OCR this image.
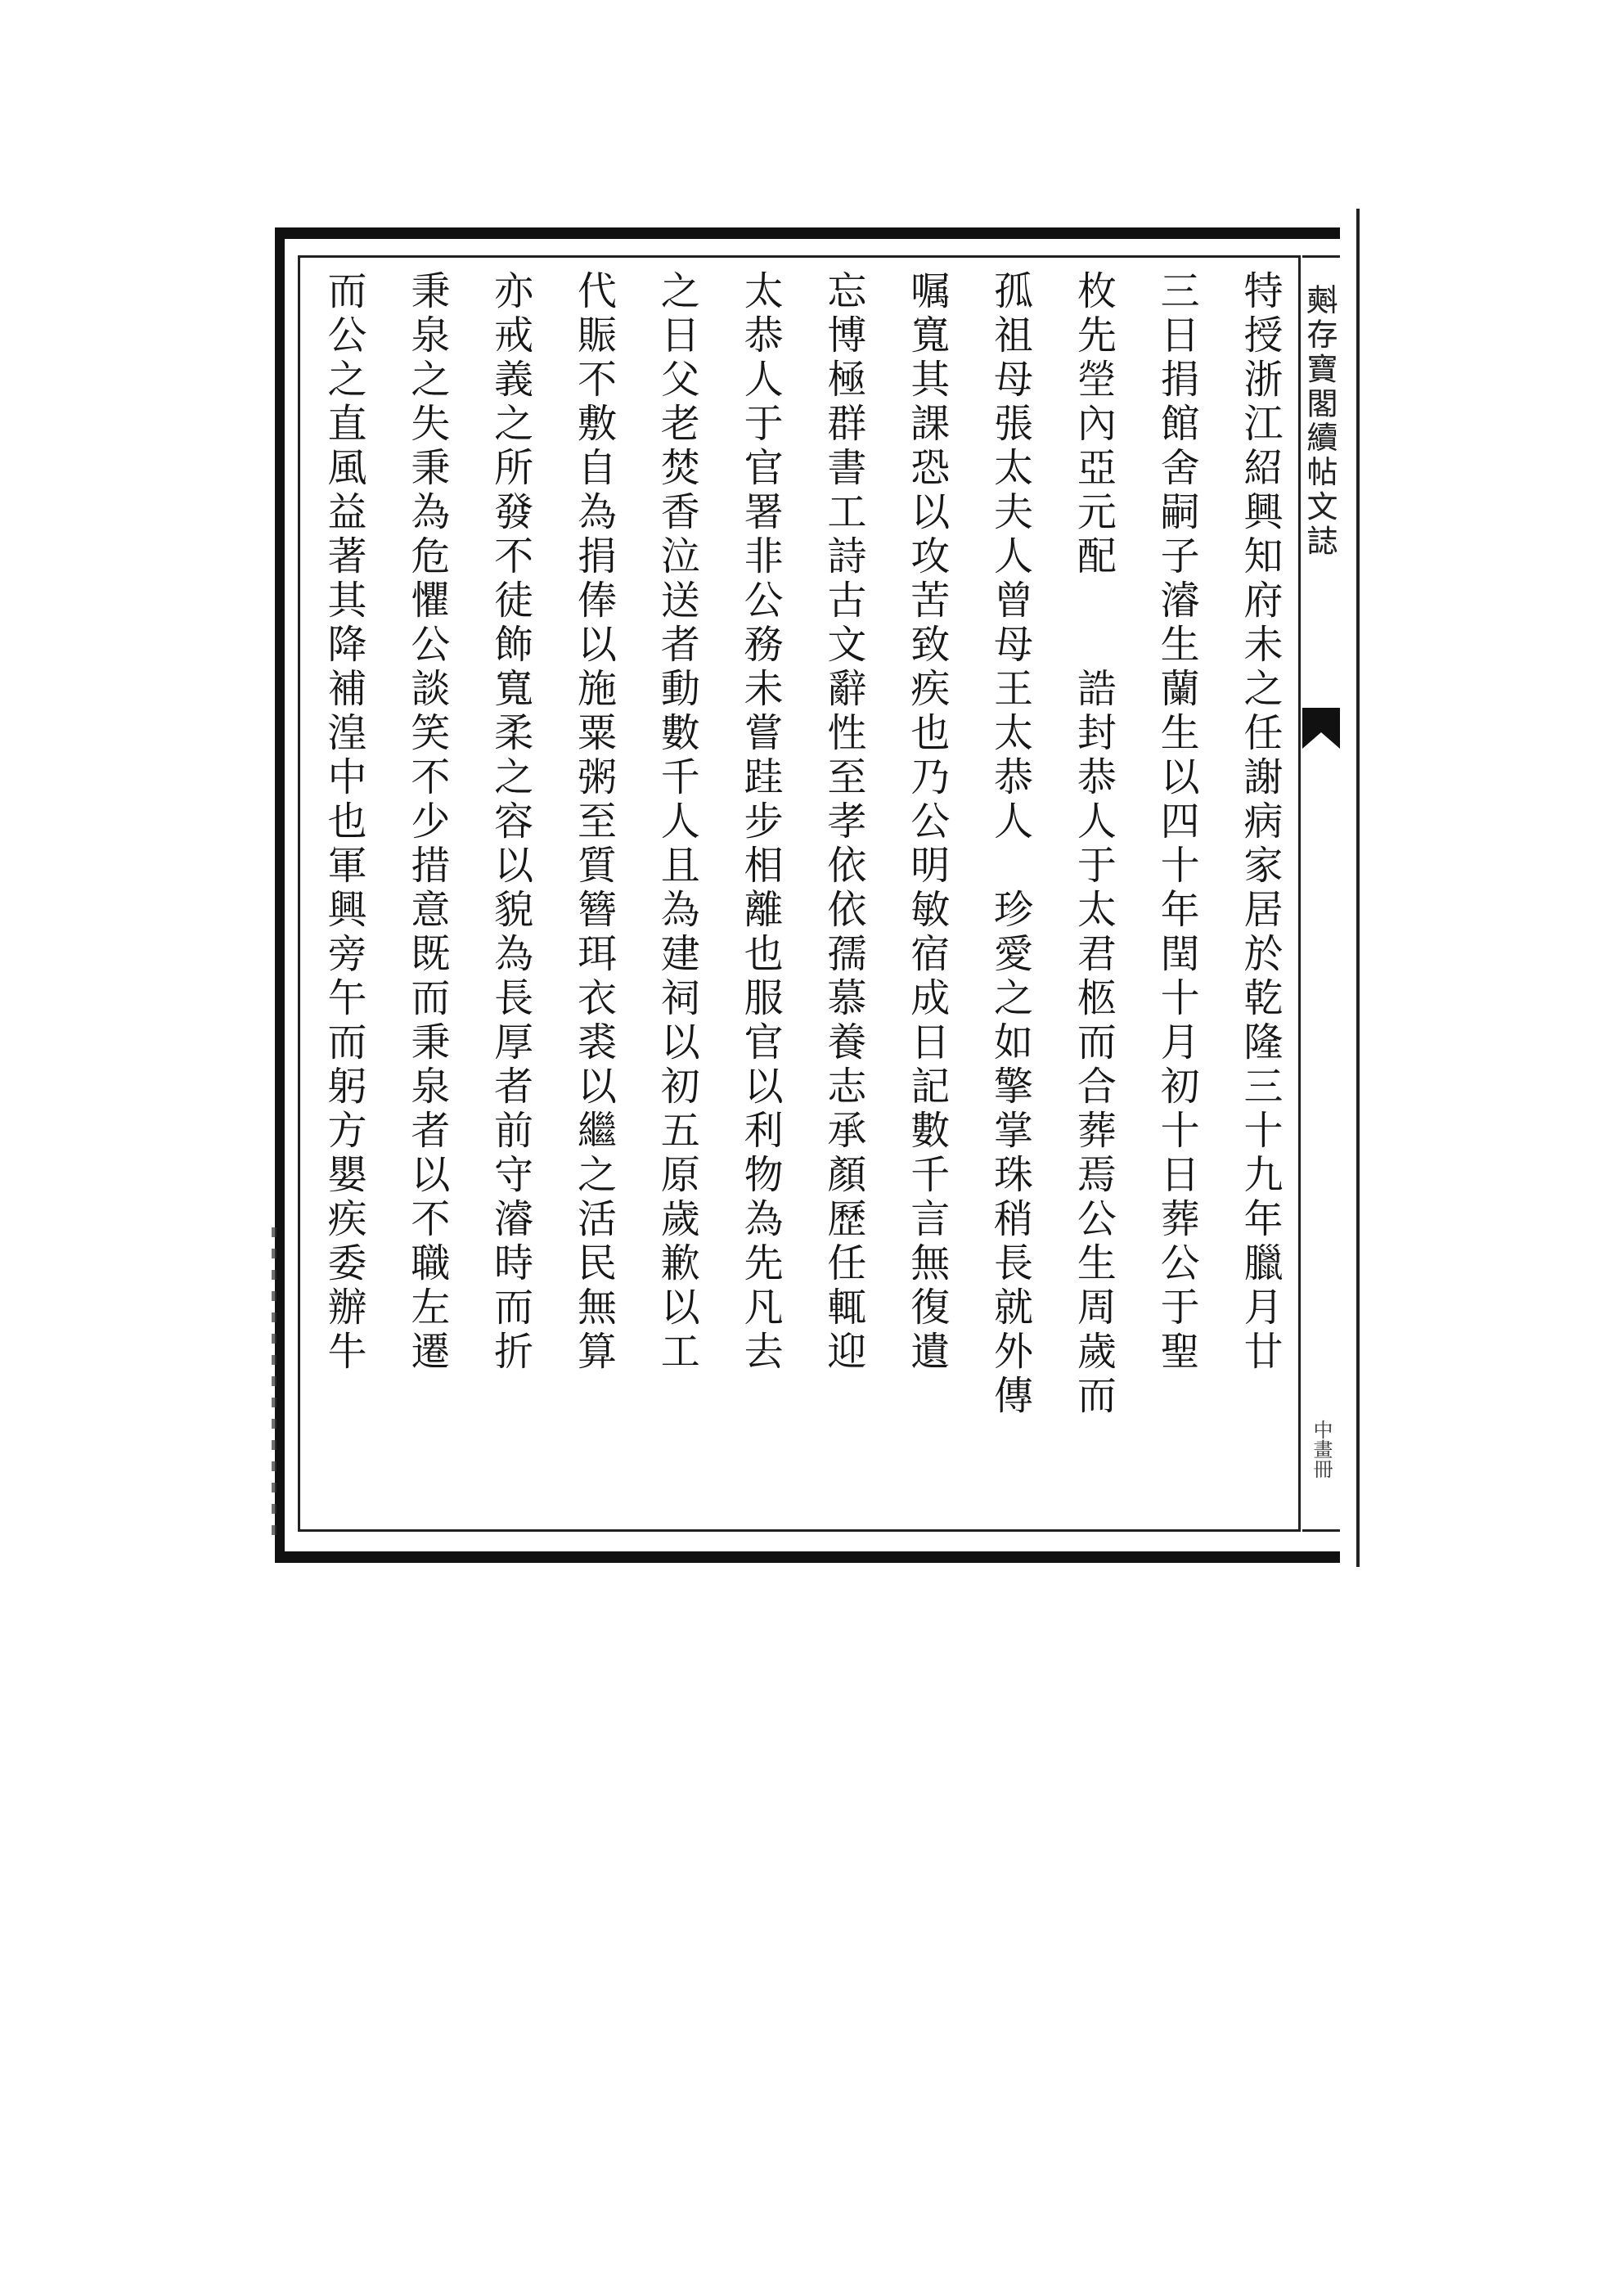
𣂏存寶閣續帖文誌
中畫冊
特授浙江紹興知府未之任謝病家居於乾隆三十九年臘月廿
三日捐館舍嗣子濬生蘭生以四十年閏十月初十日葬公于聖
枚先塋內亞元配　　誥封恭人于太君柩而合葬焉公生周歲而
孤祖母張太夫人曾母王太恭人　珍愛之如擎掌珠稍長就外傳
嘱寬其課恐以攻苦致疾也乃公明敏宿成日記數千言無復遺
忘博極群書工詩古文辭性至孝依依孺慕養志承顏歷任輒迎
太恭人于官署非公務未嘗跬步相離也服官以利物為先凡去
之日父老焚香泣送者動數千人且為建祠以初五原歲歉以工
代賑不敷自為捐俸以施粟粥至質簪珥衣裘以繼之活民無算
亦戒義之所發不徒飾寬柔之容以貌為長厚者前守濬時而折
秉泉之失秉為危懼公談笑不少措意既而秉泉者以不職左遷
而公之直風益著其降補湟中也軍興旁午而躬方嬰疾委辦牛
